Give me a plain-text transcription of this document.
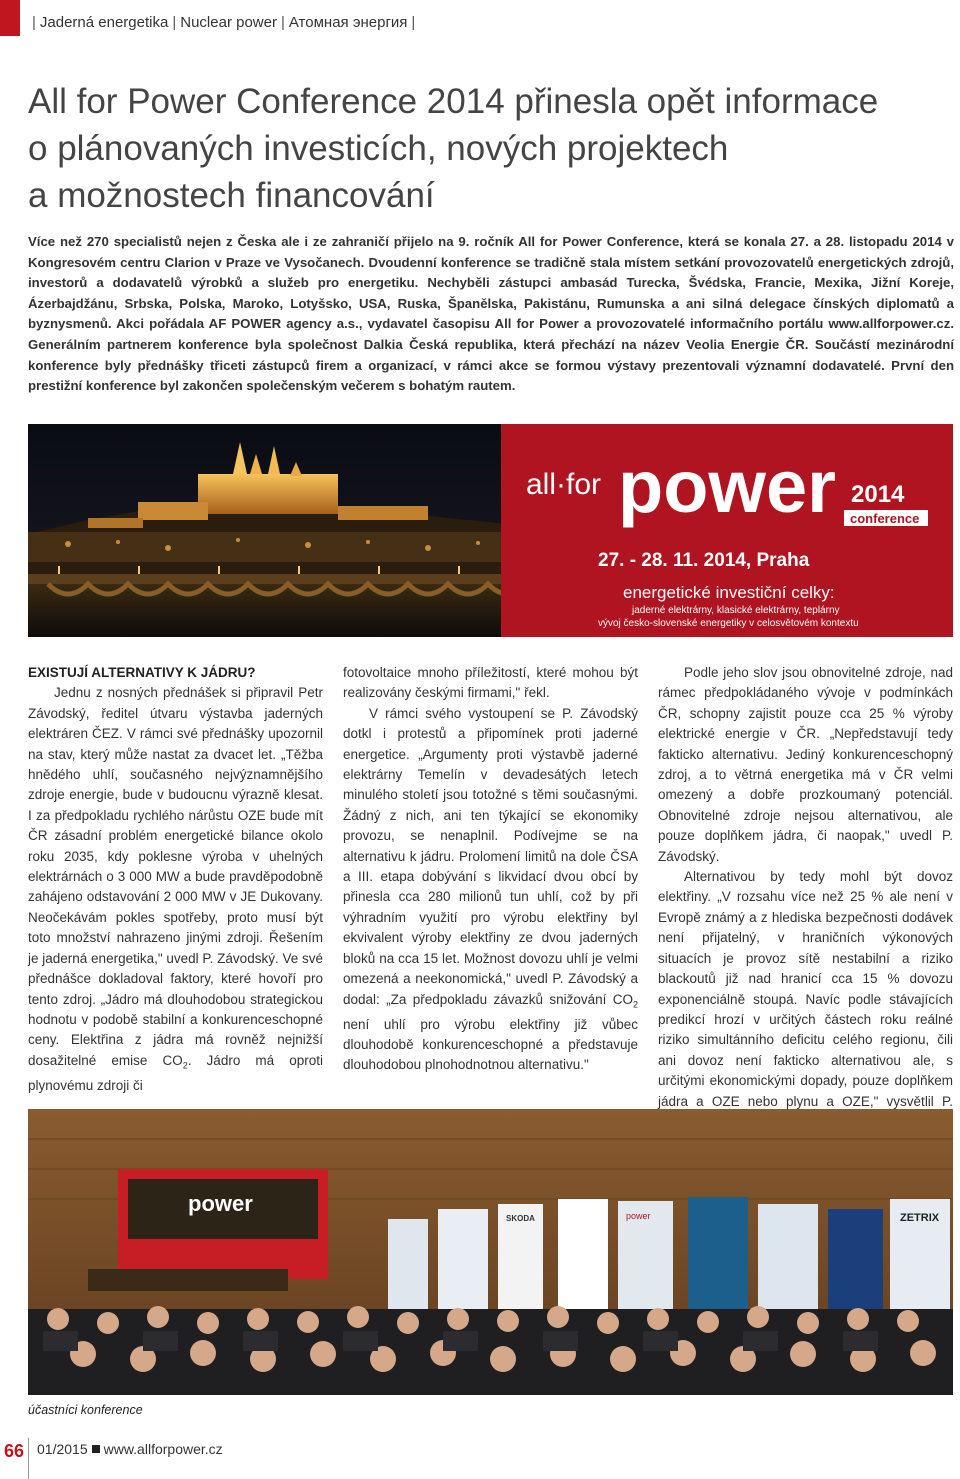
| Jaderná energetika | Nuclear power | Атомная энергия |
All for Power Conference 2014 přinesla opět informace
o plánovaných investicích, nových projektech
a možnostech financování
Více než 270 specialistů nejen z Česka ale i ze zahraničí přijelo na 9. ročník All for Power Conference, která se konala 27. a 28. listopadu 2014 v Kongresovém centru Clarion v Praze ve Vysočanech. Dvoudenní konference se tradičně stala místem setkání provozovatelů energetických zdrojů, investorů a dodavatelů výrobků a služeb pro energetiku. Nechyběli zástupci ambasád Turecka, Švédska, Francie, Mexika, Jižní Koreje, Ázerbajdžánu, Srbska, Polska, Maroko, Lotyšsko, USA, Ruska, Španělska, Pakistánu, Rumunska a ani silná delegace čínských diplomatů a byznysmenů. Akci pořádala AF POWER agency a.s., vydavatel časopisu All for Power a provozovatelé informačního portálu www.allforpower.cz. Generálním partnerem konference byla společnost Dalkia Česká republika, která přechází na název Veolia Energie ČR. Součástí mezinárodní konference byly přednášky třiceti zástupců firem a organizací, v rámci akce se formou výstavy prezentovali významní dodavatelé. První den prestižní konference byl zakončen společenským večerem s bohatým rautem.
all·for power 2014
conference
27. - 28. 11. 2014, Praha
energetické investiční celky:
jaderné elektrárny, klasické elektrárny, teplárny
vývoj česko-slovenské energetiky v celosvětovém kontextu
EXISTUJÍ ALTERNATIVY K JÁDRU?

Jednu z nosných přednášek si připravil Petr Závodský, ředitel útvaru výstavba jaderných elektráren ČEZ. V rámci své přednášky upozornil na stav, který může nastat za dvacet let. „Těžba hnědého uhlí, současného nejvýznamnějšího zdroje energie, bude v budoucnu výrazně klesat. I za předpokladu rychlého nárůstu OZE bude mít ČR zásadní problém energetické bilance okolo roku 2035, kdy poklesne výroba v uhelných elektrárnách o 3 000 MW a bude pravděpodobně zahájeno odstavování 2 000 MW v JE Dukovany. Neočekávám pokles spotřeby, proto musí být toto množství nahrazeno jinými zdroji. Řešením je jaderná energetika," uvedl P. Závodský. Ve své přednášce dokladoval faktory, které hovoří pro tento zdroj. „Jádro má dlouhodobou strategickou hodnotu v podobě stabilní a konkurenceschopné ceny. Elektřina z jádra má rovněž nejnižší dosažitelné emise $CO_2$. Jádro má oproti plynovému zdroji či

fotovoltaice mnoho příležitostí, které mohou být realizovány českými firmami," řekl.

V rámci svého vystoupení se P. Závodský dotkl i protestů a připomínek proti jaderné energetice. „Argumenty proti výstavbě jaderné elektrárny Temelín v devadesátých letech minulého století jsou totožné s těmi současnými. Žádný z nich, ani ten týkající se ekonomiky provozu, se nenaplnil. Podívejme se na alternativu k jádru. Prolomení limitů na dole ČSA a III. etapa dobývání s likvidací dvou obcí by přinesla cca 280 milionů tun uhlí, což by při výhradním využití pro výrobu elektřiny byl ekvivalent výroby elektřiny ze dvou jaderných bloků na cca 15 let. Možnost dovozu uhlí je velmi omezená a neekonomická," uvedl P. Závodský a dodal: „Za předpokladu závazků snižování $CO_2$ není uhlí pro výrobu elektřiny již vůbec dlouhodobě konkurenceschopné a představuje dlouhodobou plnohodnotnou alternativu."

Podle jeho slov jsou obnovitelné zdroje, nad rámec předpokládaného vývoje v podmínkách ČR, schopny zajistit pouze cca 25 % výroby elektrické energie v ČR. „Nepředstavují tedy fakticko alternativu. Jediný konkurenceschopný zdroj, a to větrná energetika má v ČR velmi omezený a dobře prozkoumaný potenciál. Obnovitelné zdroje nejsou alternativou, ale pouze doplňkem jádra, či naopak," uvedl P. Závodský.

Alternativou by tedy mohl být dovoz elektřiny. „V rozsahu více než 25 % ale není v Evropě známý a z hlediska bezpečnosti dodávek není přijatelný, v hraničních výkonových situacích je provoz sítě nestabilní a riziko blackoutů již nad hranicí cca 15 % dovozu exponenciálně stoupá. Navíc podle stávajících predikcí hrozí v určitých částech roku reálné riziko simultánního deficitu celého regionu, čili ani dovoz není fakticko alternativou ale, s určitými ekonomickými dopady, pouze doplňkem jádra a OZE nebo plynu a OZE," vysvětlil P.

power	power	ZETRIX
SKODA
účastníci konference
66 01/2015 www.allforpower.cz
